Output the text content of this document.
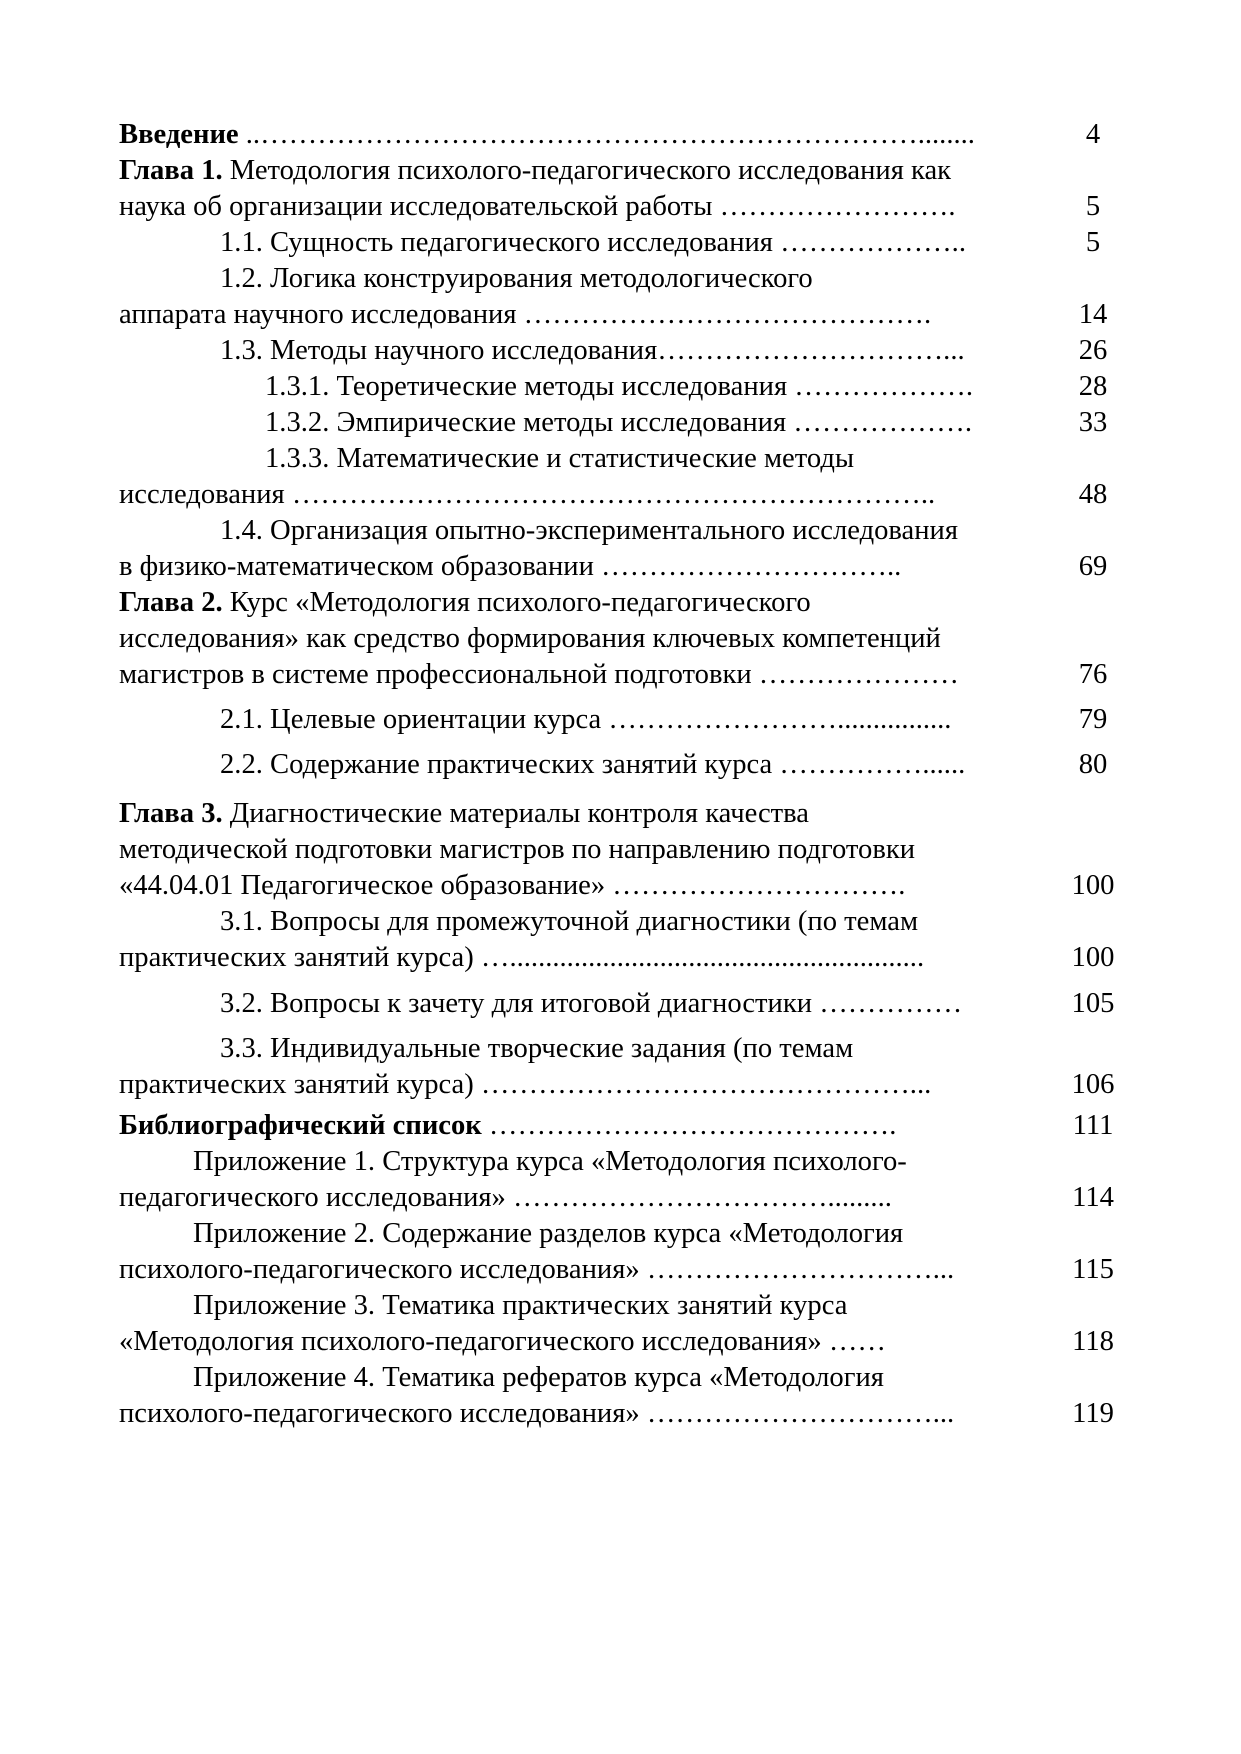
Введение ..……………………………………………………………........	4
Глава 1. Методология психолого-педагогического исследования как
наука об организации исследовательской работы …………………….	5
1.1. Сущность педагогического исследования ………………..	5
1.2. Логика конструирования методологического
аппарата научного исследования …………………………………….	14
1.3. Методы научного исследования…………………………...	26
1.3.1. Теоретические методы исследования ……………….	28
1.3.2. Эмпирические методы исследования ……………….	33
1.3.3. Математические и статистические методы
исследования …………………………………………………………..	48
1.4. Организация опытно-экспериментального исследования
в физико-математическом образовании …………………………..	69
Глава 2. Курс «Методология психолого-педагогического
исследования» как средство формирования ключевых компетенций
магистров в системе профессиональной подготовки …………………	76
2.1. Целевые ориентации курса ……………………................	79
2.2. Содержание практических занятий курса ……………......	80
Глава 3. Диагностические материалы контроля качества
методической подготовки магистров по направлению подготовки
«44.04.01 Педагогическое образование» ………………………….	100
3.1. Вопросы для промежуточной диагностики (по темам
практических занятий курса) …..........................................................	100
3.2. Вопросы к зачету для итоговой диагностики ……………	105
3.3. Индивидуальные творческие задания (по темам
практических занятий курса) ………………………………………...	106
Библиографический список …………………………………….	111
Приложение 1. Структура курса «Методология психолого-
педагогического исследования» …………………………….........	114
Приложение 2. Содержание разделов курса «Методология
психолого-педагогического исследования» …………………………...	115
Приложение 3. Тематика практических занятий курса
«Методология психолого-педагогического исследования» ……	118
Приложение 4. Тематика рефератов курса «Методология
психолого-педагогического исследования» …………………………...	119
